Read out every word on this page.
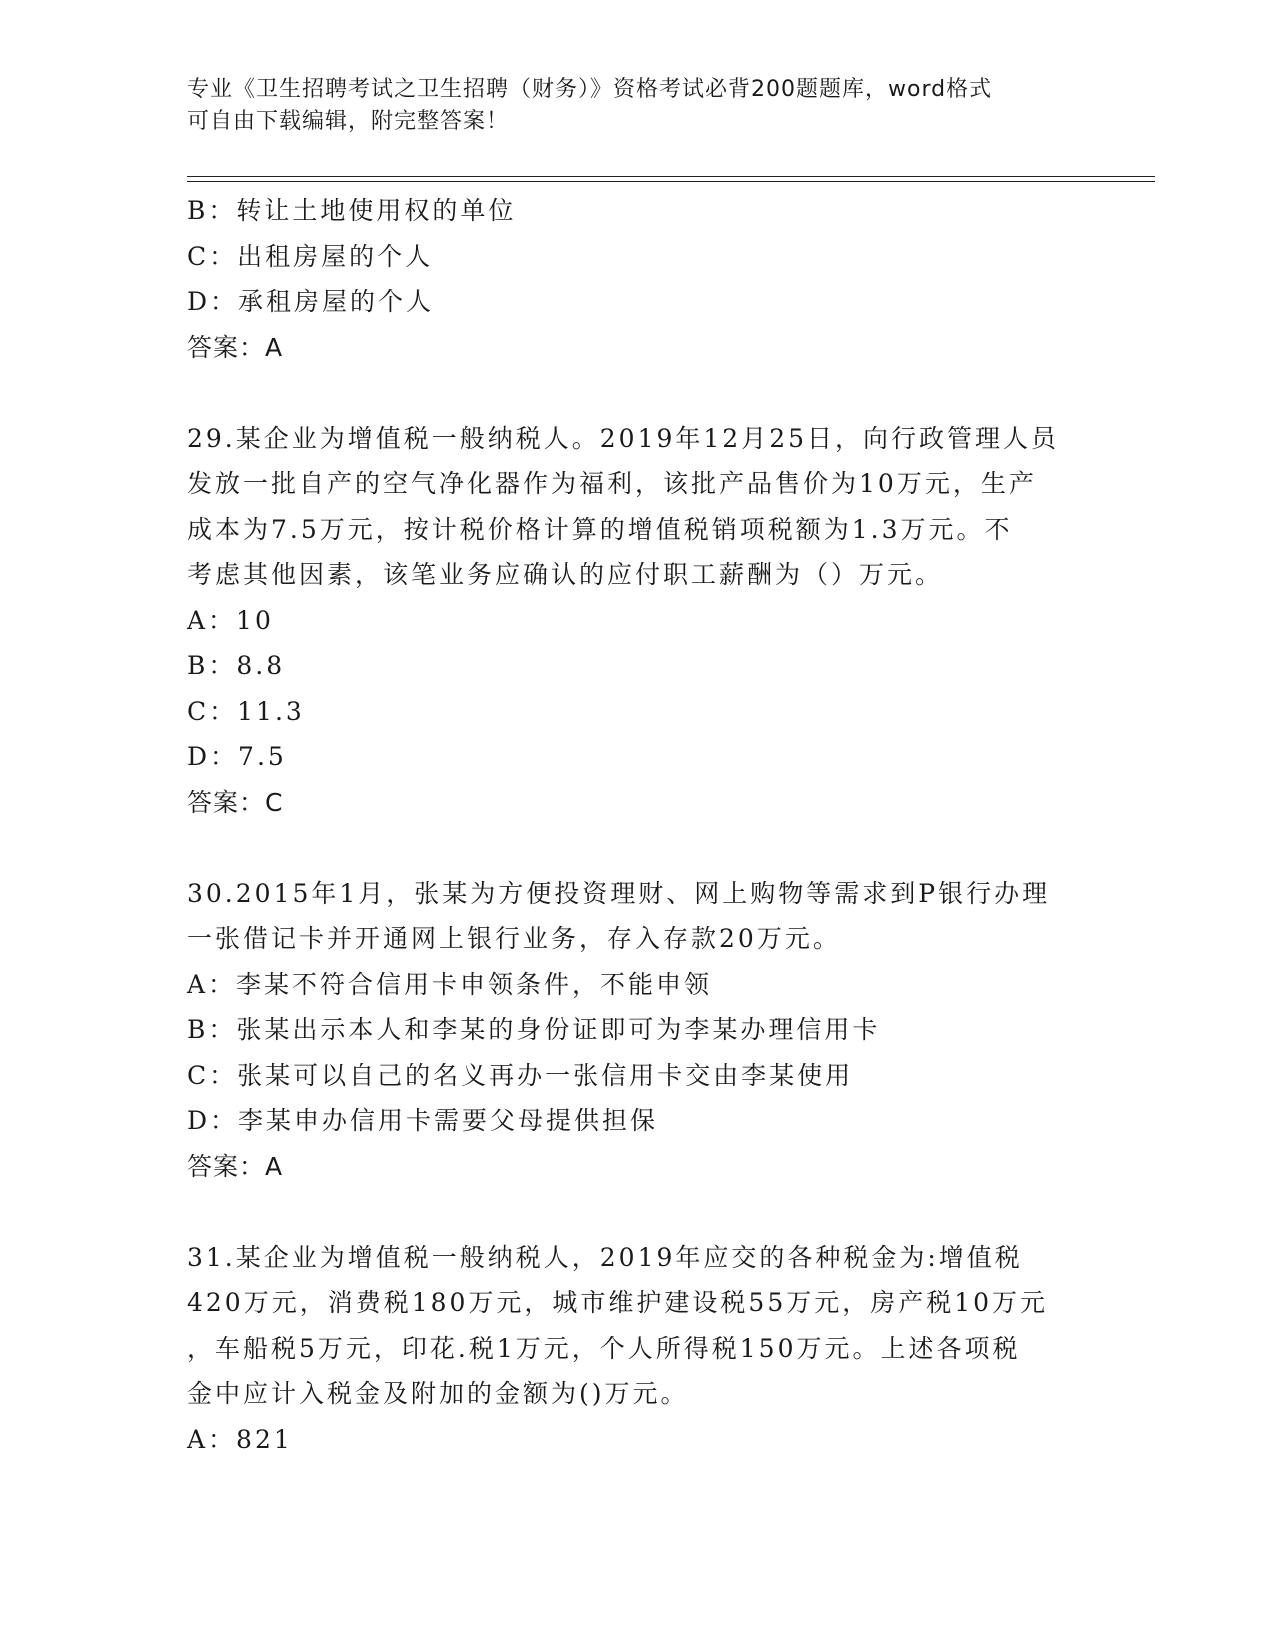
专业《卫生招聘考试之卫生招聘（财务）》资格考试必背200题题库，word格式
可自由下载编辑，附完整答案！
B：转让土地使用权的单位
C：出租房屋的个人
D：承租房屋的个人
答案：A
29.某企业为增值税一般纳税人。2019年12月25日，向行政管理人员
发放一批自产的空气净化器作为福利，该批产品售价为10万元，生产
成本为7.5万元，按计税价格计算的增值税销项税额为1.3万元。不
考虑其他因素，该笔业务应确认的应付职工薪酬为（）万元。
A：10
B：8.8
C：11.3
D：7.5
答案：C
30.2015年1月，张某为方便投资理财、网上购物等需求到P银行办理
一张借记卡并开通网上银行业务，存入存款20万元。
A：李某不符合信用卡申领条件，不能申领
B：张某出示本人和李某的身份证即可为李某办理信用卡
C：张某可以自己的名义再办一张信用卡交由李某使用
D：李某申办信用卡需要父母提供担保
答案：A
31.某企业为增值税一般纳税人，2019年应交的各种税金为:增值税
420万元，消费税180万元，城市维护建设税55万元，房产税10万元
，车船税5万元，印花.税1万元，个人所得税150万元。上述各项税
金中应计入税金及附加的金额为()万元。
A：821
